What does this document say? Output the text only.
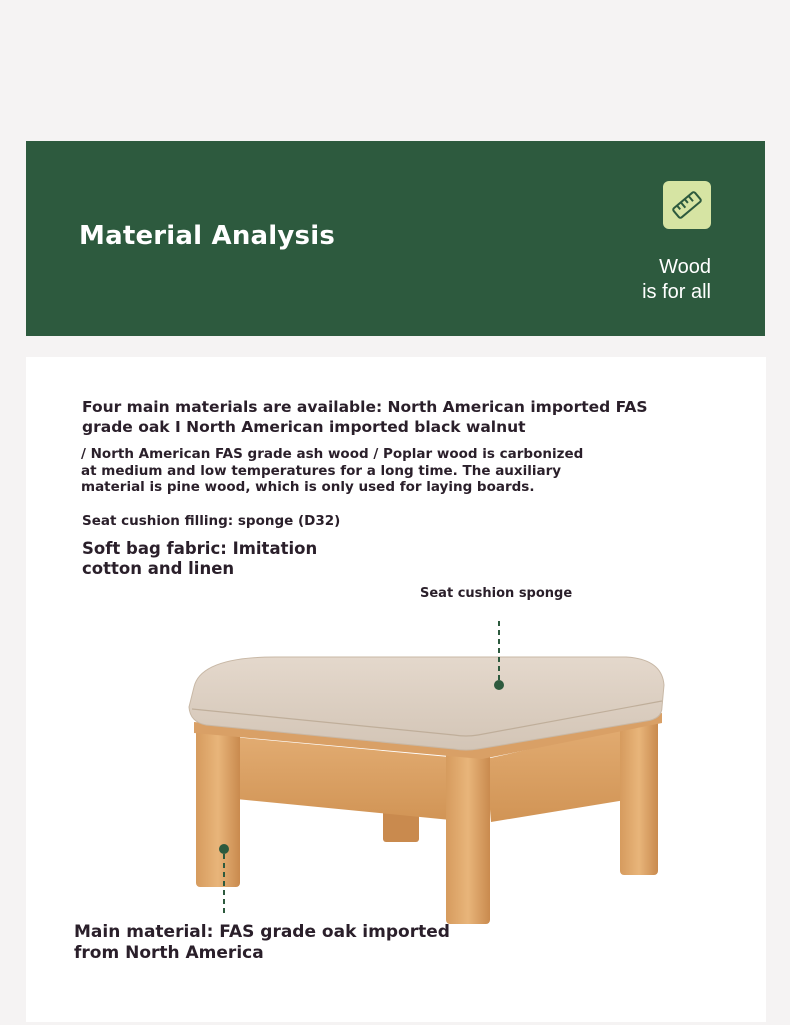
Material Analysis
Wood
is for all
Four main materials are available: North American imported FAS grade oak I North American imported black walnut
/ North American FAS grade ash wood / Poplar wood is carbonized at medium and low temperatures for a long time. The auxiliary material is pine wood, which is only used for laying boards.
Seat cushion filling: sponge (D32)
Soft bag fabric: Imitation cotton and linen
Seat cushion sponge
Main material: FAS grade oak imported from North America
